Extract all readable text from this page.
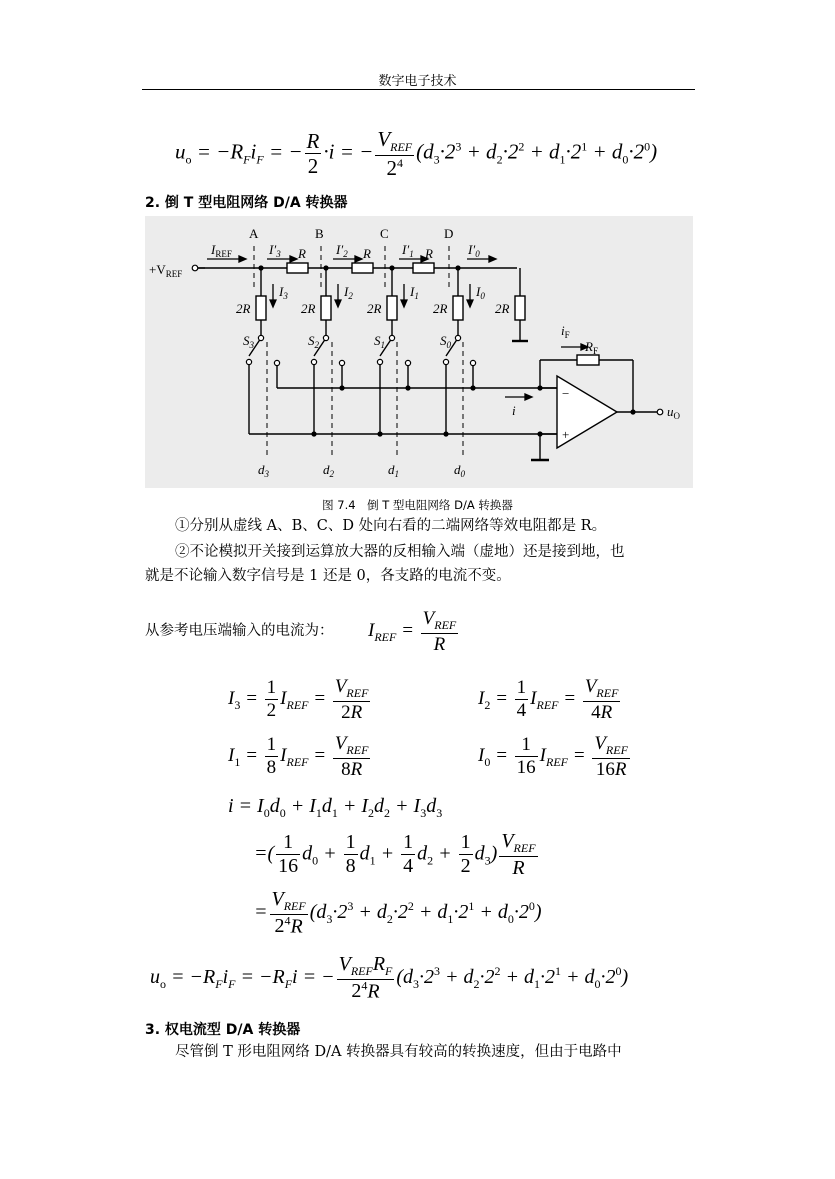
数字电子技术
$u_o = -R_Fi_F$ = − $\frac{R}{2} \cdot i$ = − $\frac{V_{REF}}{2^4} (d_3\cdot 2^3 + d_2\cdot 2^2 + d_1\cdot 2^1 + d_0\cdot 2^0)$
2. 倒 T 型电阻网络 D/A 转换器
$+V_{REF}$
$I_{REF}$
A	B	C	D
$I'_3$	$I'_2$	$I'_1$	$I'_0$
R	R	R
2R	2R	2R	2R	2R
$I_3$	$I_2$	$I_1$	$I_0$
$S_3$	$S_2$	$S_1$	$S_0$
$d_3$	$d_2$	$d_1$	$d_0$
$i_F$
$R_F$
i	$u_O$
−
+
图 7.4　倒 T 型电阻网络 D/A 转换器
①分别从虚线 A、B、C、D 处向右看的二端网络等效电阻都是 R。
②不论模拟开关接到运算放大器的反相输入端（虚地）还是接到地，也
就是不论输入数字信号是 1 还是 0，各支路的电流不变。
从参考电压端输入的电流为： $I_{REF} = \frac{V_{REF}}{R}$
$I_3 = \frac{1}{2} I_{REF} = \frac{V_{REF}}{2R}$	$I_2 = \frac{1}{4} I_{REF} = \frac{V_{REF}}{4R}$
$I_1 = \frac{1}{8} I_{REF} = \frac{V_{REF}}{8R}$	$I_0 = \frac{1}{16} I_{REF} = \frac{V_{REF}}{16R}$
$i = I_0d_0 + I_1d_1 + I_2d_2 + I_3d_3$
=( $\frac{1}{16} d_0 + \frac{1}{8} d_1 + \frac{1}{4} d_2 + \frac{1}{2} d_3) \frac{V_{REF}}{R}$
= $\frac{V_{REF}}{2^4R} (d_3\cdot 2^3 + d_2\cdot 2^2 + d_1\cdot 2^1 + d_0\cdot 2^0)$
$u_o = -R_Fi_F = -R_Fi$ = − $\frac{V_{REF}R_F}{2^4R} (d_3\cdot 2^3 + d_2\cdot 2^2 + d_1\cdot 2^1 + d_0\cdot 2^0)$
3. 权电流型 D/A 转换器
尽管倒 T 形电阻网络 D/A 转换器具有较高的转换速度，但由于电路中
